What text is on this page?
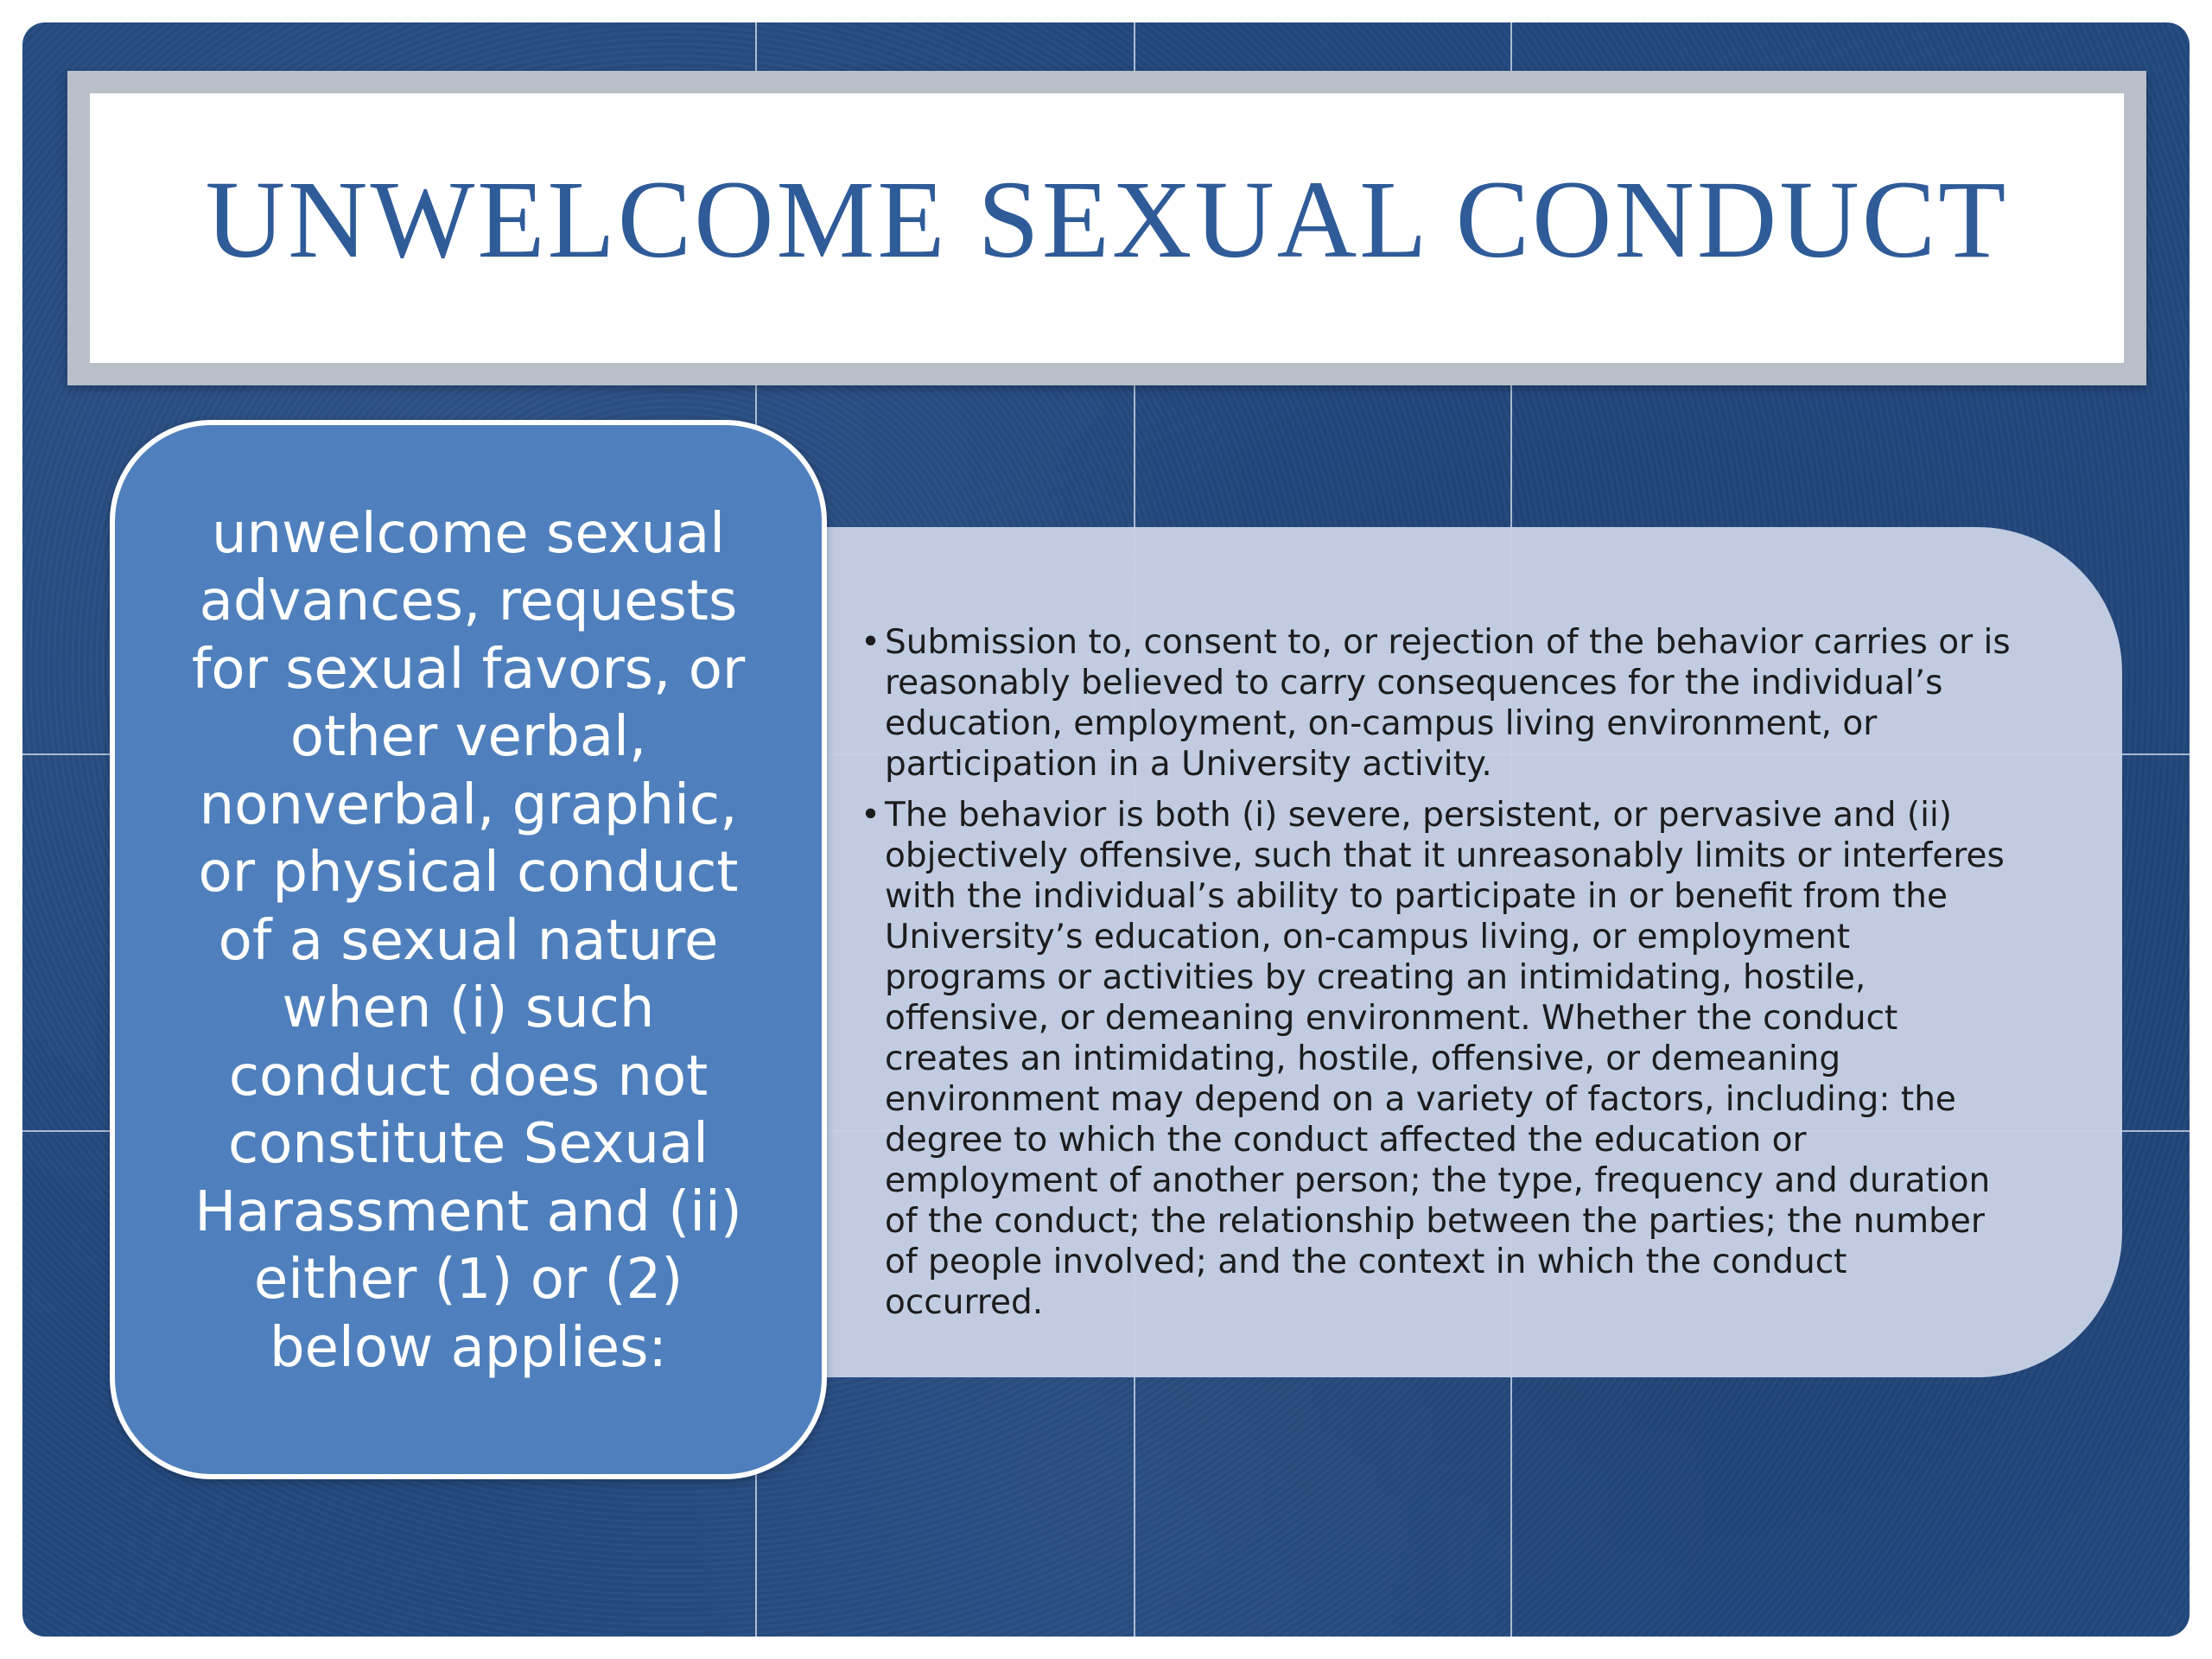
UNWELCOME SEXUAL CONDUCT
• Submission to, consent to, or rejection of the behavior carries or is
reasonably believed to carry consequences for the individual’s
education, employment, on-campus living environment, or
participation in a University activity.
• The behavior is both (i) severe, persistent, or pervasive and (ii)
objectively offensive, such that it unreasonably limits or interferes
with the individual’s ability to participate in or benefit from the
University’s education, on-campus living, or employment
programs or activities by creating an intimidating, hostile,
offensive, or demeaning environment. Whether the conduct
creates an intimidating, hostile, offensive, or demeaning
environment may depend on a variety of factors, including: the
degree to which the conduct affected the education or
employment of another person; the type, frequency and duration
of the conduct; the relationship between the parties; the number
of people involved; and the context in which the conduct
occurred.
unwelcome sexual
advances, requests
for sexual favors, or
other verbal,
nonverbal, graphic,
or physical conduct
of a sexual nature
when (i) such
conduct does not
constitute Sexual
Harassment and (ii)
either (1) or (2)
below applies:
